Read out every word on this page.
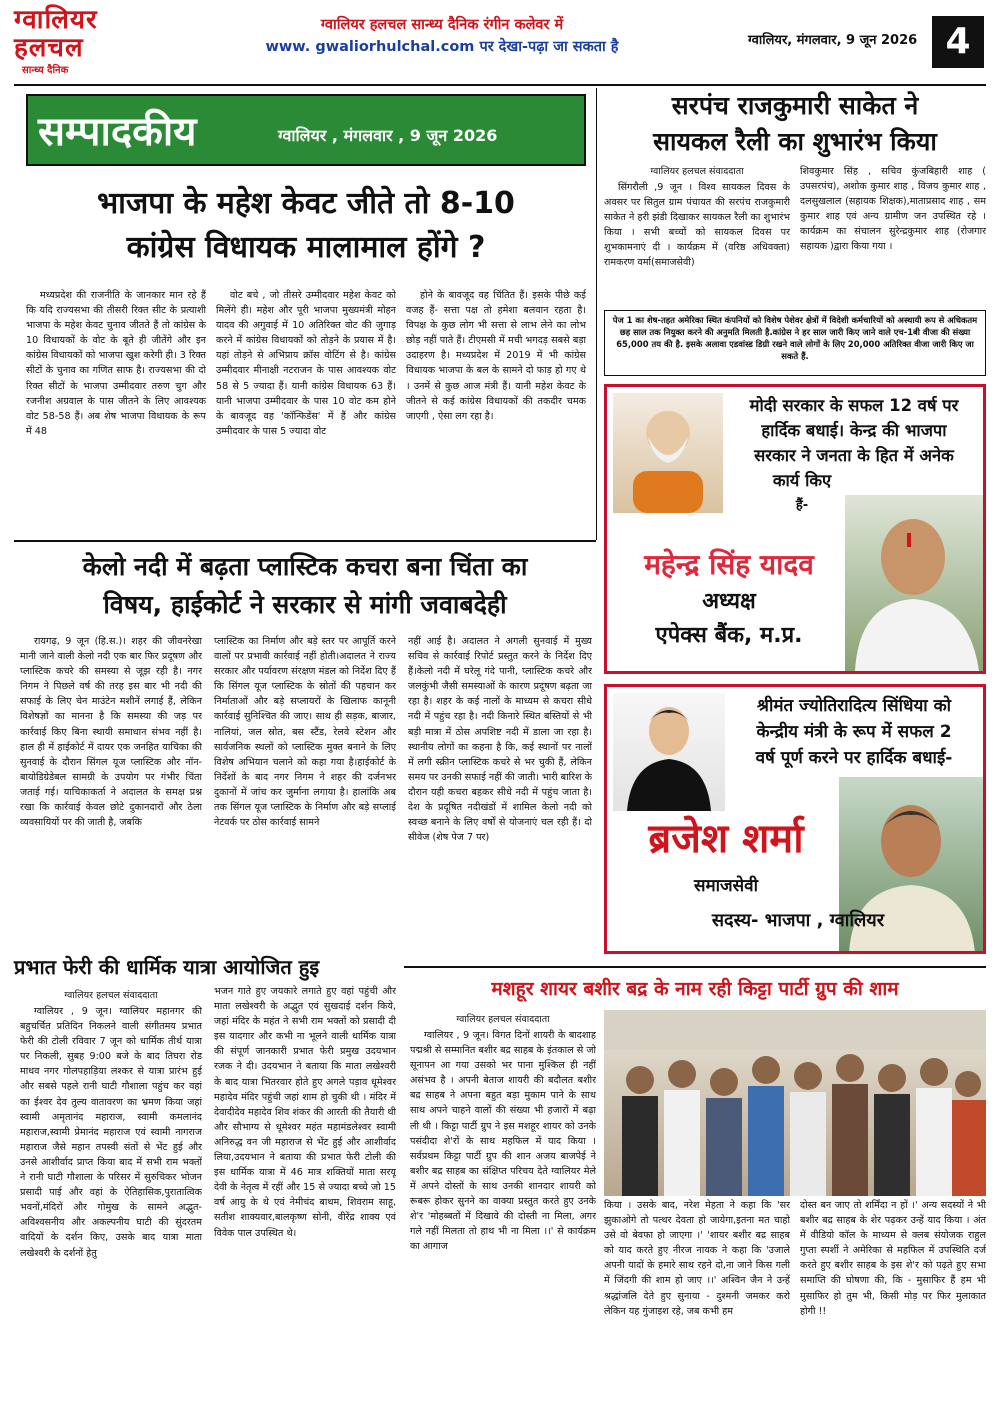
ग्वालियर
हलचल
सान्ध्य दैनिक
ग्वालियर हलचल सान्ध्य दैनिक रंगीन कलेवर में
www. gwaliorhulchal.com पर देखा-पढ़ा जा सकता है	ग्वालियर, मंगलवार, 9 जून 2026 4
सम्पादकीय	ग्वालियर , मंगलवार , 9 जून 2026
भाजपा के महेश केवट जीते तो 8-10
कांग्रेस विधायक मालामाल होंगे ?

मध्यप्रदेश की राजनीति के जानकार मान रहे हैं कि यदि राज्यसभा की तीसरी रिक्त सीट के प्रत्याशी भाजपा के महेश केवट चुनाव जीतते हैं तो कांग्रेस के 10 विधायकों के वोट के बूते ही जीतेंगे और इन कांग्रेस विधायकों को भाजपा खुश करेगी ही। 3 रिक्त सीटों के चुनाव का गणित साफ है। राज्यसभा की दो रिक्त सीटों के भाजपा उम्मीदवार तरुण चुग और रजनीश अग्रवाल के पास जीतने के लिए आवश्यक वोट 58-58 हैं। अब शेष भाजपा विधायक के रूप में 48

वोट बचे , जो तीसरे उम्मीदवार महेश केवट को मिलेंगे ही। महेश और पूरी भाजपा मुख्यमंत्री मोहन यादव की अगुवाई में 10 अतिरिक्त वोट की जुगाड़ करने में कांग्रेस विधायकों को तोड़ने के प्रयास में है। यहां तोड़ने से अभिप्राय क्रॉस वोटिंग से है। कांग्रेस उम्मीदवार मीनाक्षी नटराजन के पास आवश्यक वोट 58 से 5 ज्यादा हैं। यानी कांग्रेस विधायक 63 हैं। यानी भाजपा उम्मीदवार के पास 10 वोट कम होने के बावजूद वह 'कॉन्फिडेंस' में हैं और कांग्रेस उम्मीदवार के पास 5 ज्यादा वोट

होने के बावजूद वह चिंतित हैं। इसके पीछे कई वजह हैं- सत्ता पक्ष तो हमेशा बलवान रहता है। विपक्ष के कुछ लोग भी सत्ता से लाभ लेने का लोभ छोड़ नहीं पाते हैं। टीएमसी में मची भगदड़ सबसे बड़ा उदाहरण है। मध्यप्रदेश में 2019 में भी कांग्रेस विधायक भाजपा के बल के सामने दो फाड़ हो गए थे । उनमें से कुछ आज मंत्री हैं। यानी महेश केवट के जीतने से कई कांग्रेस विधायकों की तकदीर चमक जाएगी , ऐसा लग रहा है।

सरपंच राजकुमारी साकेत ने
सायकल रैली का शुभारंभ किया
ग्वालियर हलचल संवाददाता

सिंगरौली ,9 जून । विश्व सायकल दिवस के अवसर पर सितुल ग्राम पंचायत की सरपंच राजकुमारी साकेत ने हरी झंडी दिखाकर सायकल रैली का शुभारंभ किया । सभी बच्चों को सायकल दिवस पर शुभकामनाएं दी । कार्यक्रम में (वरिष्ठ अधिवक्ता) रामकरण वर्मा(समाजसेवी)

शिवकुमार सिंह , सचिव कुंजबिहारी शाह ( उपसरपंच), अशोक कुमार शाह , विजय कुमार शाह , दलसुखलाल (सहायक शिक्षक),माताप्रसाद शाह , सम कुमार शाह एवं अन्य ग्रामीण जन उपस्थित रहे ।कार्यक्रम का संचालन सुरेन्द्रकुमार शाह (रोजगार सहायक )द्वारा किया गया ।

पेज 1 का शेष-तहत अमेरिका स्थित कंपनियों को विशेष पेशेवर क्षेत्रों में विदेशी कर्मचारियों को अस्थायी रूप से अधिकतम छह साल तक नियुक्त करने की अनुमति मिलती है.कांग्रेस ने हर साल जारी किए जाने वाले एच-1बी वीजा की संख्या 65,000 तय की है. इसके अलावा एडवांस्ड डिग्री रखने वाले लोगों के लिए 20,000 अतिरिक्त वीजा जारी किए जा सकते हैं.
मोदी सरकार के सफल 12 वर्ष पर
हार्दिक बधाई। केन्द्र की भाजपा
सरकार ने जनता के हित में अनेक
कार्य किए
हैं-
महेन्द्र सिंह यादव
अध्यक्ष
एपेक्स बैंक, म.प्र.
श्रीमंत ज्योतिरादित्य सिंधिया को
केन्द्रीय मंत्री के रूप में सफल 2
वर्ष पूर्ण करने पर हार्दिक बधाई-
ब्रजेश शर्मा
समाजसेवी
सदस्य- भाजपा , ग्वालियर
केलो नदी में बढ़ता प्लास्टिक कचरा बना चिंता का
विषय, हाईकोर्ट ने सरकार से मांगी जवाबदेही

रायगढ़, 9 जून (हि.स.)। शहर की जीवनरेखा मानी जाने वाली केलो नदी एक बार फिर प्रदूषण और प्लास्टिक कचरे की समस्या से जूझ रही है। नगर निगम ने पिछले वर्ष की तरह इस बार भी नदी की सफाई के लिए चेन माउंटेन मशीनें लगाई हैं, लेकिन विशेषज्ञों का मानना है कि समस्या की जड़ पर कार्रवाई किए बिना स्थायी समाधान संभव नहीं है। हाल ही में हाईकोर्ट में दायर एक जनहित याचिका की सुनवाई के दौरान सिंगल यूज प्लास्टिक और नॉन-बायोडिग्रेडेबल सामग्री के उपयोग पर गंभीर चिंता जताई गई। याचिकाकर्ता ने अदालत के समक्ष प्रश्न रखा कि कार्रवाई केवल छोटे दुकानदारों और ठेला व्यवसायियों पर की जाती है, जबकि

प्लास्टिक का निर्माण और बड़े स्तर पर आपूर्ति करने वालों पर प्रभावी कार्रवाई नहीं होती।अदालत ने राज्य सरकार और पर्यावरण संरक्षण मंडल को निर्देश दिए हैं कि सिंगल यूज प्लास्टिक के स्रोतों की पहचान कर निर्माताओं और बड़े सप्लायरों के खिलाफ कानूनी कार्रवाई सुनिश्चित की जाए। साथ ही सड़क, बाजार, नालियां, जल स्रोत, बस स्टैंड, रेलवे स्टेशन और सार्वजनिक स्थलों को प्लास्टिक मुक्त बनाने के लिए विशेष अभियान चलाने को कहा गया है।हाईकोर्ट के निर्देशों के बाद नगर निगम ने शहर की दर्जनभर दुकानों में जांच कर जुर्माना लगाया है। हालांकि अब तक सिंगल यूज प्लास्टिक के निर्माण और बड़े सप्लाई नेटवर्क पर ठोस कार्रवाई सामने

नहीं आई है। अदालत ने अगली सुनवाई में मुख्य सचिव से कार्रवाई रिपोर्ट प्रस्तुत करने के निर्देश दिए हैं।केलो नदी में घरेलू गंदे पानी, प्लास्टिक कचरे और जलकुंभी जैसी समस्याओं के कारण प्रदूषण बढ़ता जा रहा है। शहर के कई नालों के माध्यम से कचरा सीधे नदी में पहुंच रहा है। नदी किनारे स्थित बस्तियों से भी बड़ी मात्रा में ठोस अपशिष्ट नदी में डाला जा रहा है।स्थानीय लोगों का कहना है कि, कई स्थानों पर नालों में लगी स्क्रीन प्लास्टिक कचरे से भर चुकी हैं, लेकिन समय पर उनकी सफाई नहीं की जाती। भारी बारिश के दौरान यही कचरा बहकर सीधे नदी में पहुंच जाता है।देश के प्रदूषित नदीखंडों में शामिल केलो नदी को स्वच्छ बनाने के लिए वर्षों से योजनाएं चल रही हैं। दो सीवेज (शेष पेज 7 पर)

प्रभात फेरी की धार्मिक यात्रा आयोजित हुइ
ग्वालियर हलचल संवाददाता

ग्वालियर , 9 जून। ग्वालियर महानगर की बहुचर्चित प्रतिदिन निकलने वाली संगीतमय प्रभात फेरी की टोली रविवार 7 जून को धार्मिक तीर्थ यात्रा पर निकली, सुबह 9:00 बजे के बाद तिघरा रोड माधव नगर गोलपहाड़िया लश्कर से यात्रा प्रारंभ हुई और सबसे पहले रानी घाटी गौशाला पहुंच कर वहां का ईश्वर देव तुल्य वातावरण का भ्रमण किया जहां स्वामी अमृतानंद महाराज, स्वामी कमलानंद महाराज,स्वामी प्रेमानंद महाराज एवं स्वामी नागराज महाराज जैसे महान तपस्वी संतों से भेंट हुई और उनसे आशीर्वाद प्राप्त किया बाद में सभी राम भक्तों ने रानी घाटी गौशाला के परिसर में सुरुचिकर भोजन प्रसादी पाई और वहां के ऐतिहासिक,पुरातात्विक भवनों,मंदिरों और गोमुख के सामने अद्भुत-अविश्वसनीय और अकल्पनीय घाटी की सुंदरतम वादियों के दर्शन किए, उसके बाद यात्रा माता लखेश्वरी के दर्शनों हेतु

भजन गाते हुए जयकारे लगाते हुए वहां पहुंची और माता लखेश्वरी के अद्भुत एवं सुखदाई दर्शन किये, जहां मंदिर के महंत ने सभी राम भक्तों को प्रसादी दी इस यादगार और कभी ना भूलने वाली धार्मिक यात्रा की संपूर्ण जानकारी प्रभात फेरी प्रमुख उदयभान रजक ने दी। उदयभान ने बताया कि माता लखेश्वरी के बाद यात्रा भितरवार होते हुए अगले पड़ाव धूमेश्वर महादेव मंदिर पहुंची जहां शाम हो चुकी थी । मंदिर में देवादीदेव महादेव शिव शंकर की आरती की तैयारी थी और सौभाग्य से धूमेश्वर महंत महामंडलेश्वर स्वामी अनिरुद्ध वन जी महाराज से भेंट हुई और आशीर्वाद लिया,उदयभान ने बताया की प्रभात फेरी टोली की इस धार्मिक यात्रा में 46 मात्र शक्तियों माता सरयू देवी के नेतृत्व में रहीं और 15 से ज्यादा बच्चे जो 15 वर्ष आयु के थे एवं नेमीचंद बाथम, शिवराम साहू, सतीश शाक्यवार,बालकृष्ण सोनी, वीरेंद्र शाक्य एवं विवेक पाल उपस्थित थे।

मशहूर शायर बशीर बद्र के नाम रही किट्टा पार्टी ग्रुप की शाम
ग्वालियर हलचल संवाददाता

ग्वालियर , 9 जून। विगत दिनों शायरी के बादशाह पद्मश्री से सम्मानित बशीर बद्र साहब के इंतकाल से जो सूनापन आ गया उसको भर पाना मुश्किल ही नहीं असंभव है । अपनी बेताज शायरी की बदौलत बशीर बद्र साहब ने अपना बहुत बड़ा मुकाम पाने के साथ साथ अपने चाहने वालों की संख्या भी हजारों में बढ़ा ली थी । किट्टा पार्टी ग्रुप ने इस मशहूर शायर को उनके पसंदीदा शे'रों के साथ महफिल में याद किया । सर्वप्रथम किट्टा पार्टी ग्रुप की शान अजय बाजपेई ने बशीर बद्र साहब का संक्षिप्त परिचय देते ग्वालियर मेले में अपने दोस्तों के साथ उनकी शानदार शायरी को रूबरू होकर सुनने का वाक्या प्रस्तुत करते हुए उनके शे'र 'मोहब्बतों में दिखावे की दोस्ती ना मिला, अगर गले नहीं मिलता तो हाथ भी ना मिला ।।' से कार्यक्रम का आगाज

किया । उसके बाद, नरेश मेहता ने कहा कि 'सर झुकाओगे तो पत्थर देवता हो जायेगा,इतना मत चाहो उसे वो बेवफा हो जाएगा ।' 'शायर बशीर बद्र साहब को याद करते हुए नीरज नायक ने कहा कि 'उजाले अपनी यादों के हमारे साथ रहने दो,ना जाने किस गली में जिंदगी की शाम हो जाए ।।' अश्विन जैन ने उन्हें श्रद्धांजलि देते हुए सुनाया - दुश्मनी जमकर करो लेकिन यह गुंजाइश रहे, जब कभी हम

दोस्त बन जाए तो शर्मिंदा न हों ।' अन्य सदस्यों ने भी बशीर बद्र साहब के शेर पढ़कर उन्हें याद किया । अंत में वीडियो कॉल के माध्यम से क्लब संयोजक राहुल गुप्ता स्पर्शी ने अमेरिका से महफिल में उपस्थिति दर्ज करते हुए बशीर साहब के इस शे'र को पढ़ते हुए सभा समाप्ति की घोषणा की, कि - मुसाफिर हैं हम भी मुसाफिर हो तुम भी, किसी मोड़ पर फिर मुलाकात होगी !!
